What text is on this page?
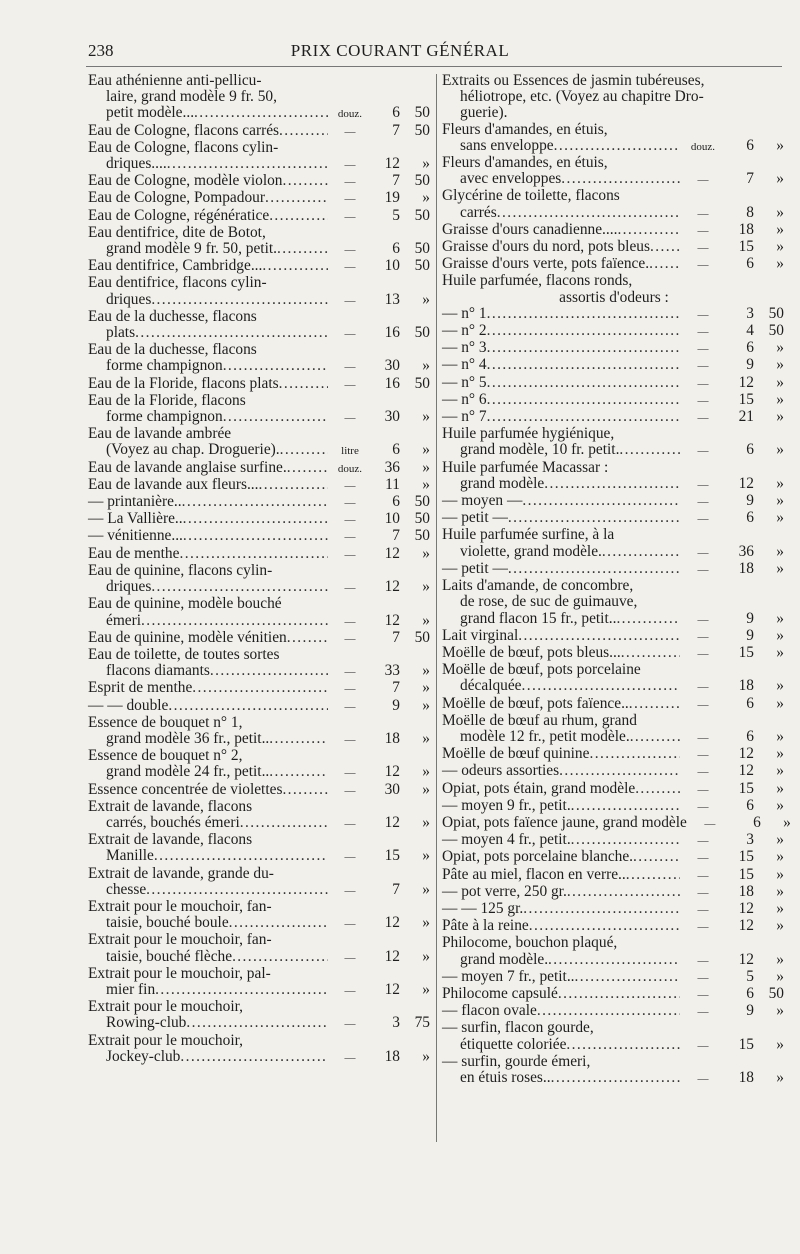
238	PRIX COURANT GÉNÉRAL
Eau athénienne anti-pellicu-
laire, grand modèle 9 fr. 50,
petit modèle... .....	douz.	6 50
Eau de Cologne, flacons carrés .....	—	7 50
Eau de Cologne, flacons cylin-
driques.... .....	—	12	»
Eau de Cologne, modèle violon .....	—	7 50
Eau de Cologne, Pompadour .....	—	19	»
Eau de Cologne, régénératice .....	—	5 50
Eau dentifrice, dite de Botot,
grand modèle 9 fr. 50, petit. .....	—	6 50
Eau dentifrice, Cambridge... .....	—	10 50
Eau dentifrice, flacons cylin-
driques .....	—	13	»
Eau de la duchesse, flacons
plats .....	—	16 50
Eau de la duchesse, flacons
forme champignon .....	—	30	»
Eau de la Floride, flacons plats .....	—	16 50
Eau de la Floride, flacons
forme champignon .....	—	30	»
Eau de lavande ambrée
(Voyez au chap. Droguerie). .....	litre	6	»
Eau de lavande anglaise surfine. .....	douz.	36	»
Eau de lavande aux fleurs... .....	—	11	»
— printanière.. .....	—	6 50
— La Vallière.. .....	—	10 50
— vénitienne... .....	—	7 50
Eau de menthe .....	—	12	»
Eau de quinine, flacons cylin-
driques .....	—	12	»
Eau de quinine, modèle bouché
émeri .....	—	12	»
Eau de quinine, modèle vénitien .....	—	7 50
Eau de toilette, de toutes sortes
flacons diamants .....	—	33	»
Esprit de menthe .....	—	7	»
— — double .....	—	9	»
Essence de bouquet n° 1,
grand modèle 36 fr., petit.. .....	—	18	»
Essence de bouquet n° 2,
grand modèle 24 fr., petit.. .....	—	12	»
Essence concentrée de violettes .....	—	30	»
Extrait de lavande, flacons
carrés, bouchés émeri .....	—	12	»
Extrait de lavande, flacons
Manille .....	—	15	»
Extrait de lavande, grande du-
chesse .....	—	7	»
Extrait pour le mouchoir, fan-
taisie, bouché boule .....	—	12	»
Extrait pour le mouchoir, fan-
taisie, bouché flèche .....	—	12	»
Extrait pour le mouchoir, pal-
mier fin .....	—	12	»
Extrait pour le mouchoir,
Rowing-club .....	—	3 75
Extrait pour le mouchoir,
Jockey-club .....	—	18	»
Extraits ou Essences de jasmin tubéreuses,
héliotrope, etc. (Voyez au chapitre Dro-
guerie).
Fleurs d'amandes, en étuis,
sans enveloppe .....	douz.	6	»
Fleurs d'amandes, en étuis,
avec enveloppes .....	—	7	»
Glycérine de toilette, flacons
carrés .....	—	8	»
Graisse d'ours canadienne.... .....	—	18	»
Graisse d'ours du nord, pots bleus .....	—	15	»
Graisse d'ours verte, pots faïence. .....	—	6	»
Huile parfumée, flacons ronds,
assortis d'odeurs :
— n° 1 .....	—	3 50
— n° 2 .....	—	4 50
— n° 3 .....	—	6	»
— n° 4 .....	—	9	»
— n° 5 .....	—	12	»
— n° 6 .....	—	15	»
— n° 7 .....	—	21	»
Huile parfumée hygiénique,
grand modèle, 10 fr. petit. .....	—	6	»
Huile parfumée Macassar :
grand modèle .....	—	12	»
— moyen — .....	—	9	»
— petit — .....	—	6	»
Huile parfumée surfine, à la
violette, grand modèle. .....	—	36	»
— petit — .....	—	18	»
Laits d'amande, de concombre,
de rose, de suc de guimauve,
grand flacon 15 fr., petit.. .....	—	9	»
Lait virginal .....	—	9	»
Moëlle de bœuf, pots bleus... .....	—	15	»
Moëlle de bœuf, pots porcelaine
décalquée .....	—	18	»
Moëlle de bœuf, pots faïence.. .....	—	6	»
Moëlle de bœuf au rhum, grand
modèle 12 fr., petit modèle. .....	—	6	»
Moëlle de bœuf quinine .....	—	12	»
— odeurs assorties .....	—	12	»
Opiat, pots étain, grand modèle .....	—	15	»
— moyen 9 fr., petit. .....	—	6	»
Opiat, pots faïence jaune, grand modèle	—	6	»
— moyen 4 fr., petit. .....	—	3	»
Opiat, pots porcelaine blanche. .....	—	15	»
Pâte au miel, flacon en verre.. .....	—	15	»
— pot verre, 250 gr. .....	—	18	»
— — 125 gr. .....	—	12	»
Pâte à la reine .....	—	12	»
Philocome, bouchon plaqué,
grand modèle. .....	—	12	»
— moyen 7 fr., petit.. .....	—	5	»
Philocome capsulé .....	—	6 50
— flacon ovale .....	—	9	»
— surfin, flacon gourde,
étiquette coloriée .....	—	15	»
— surfin, gourde émeri,
en étuis roses.. .....	—	18	»
